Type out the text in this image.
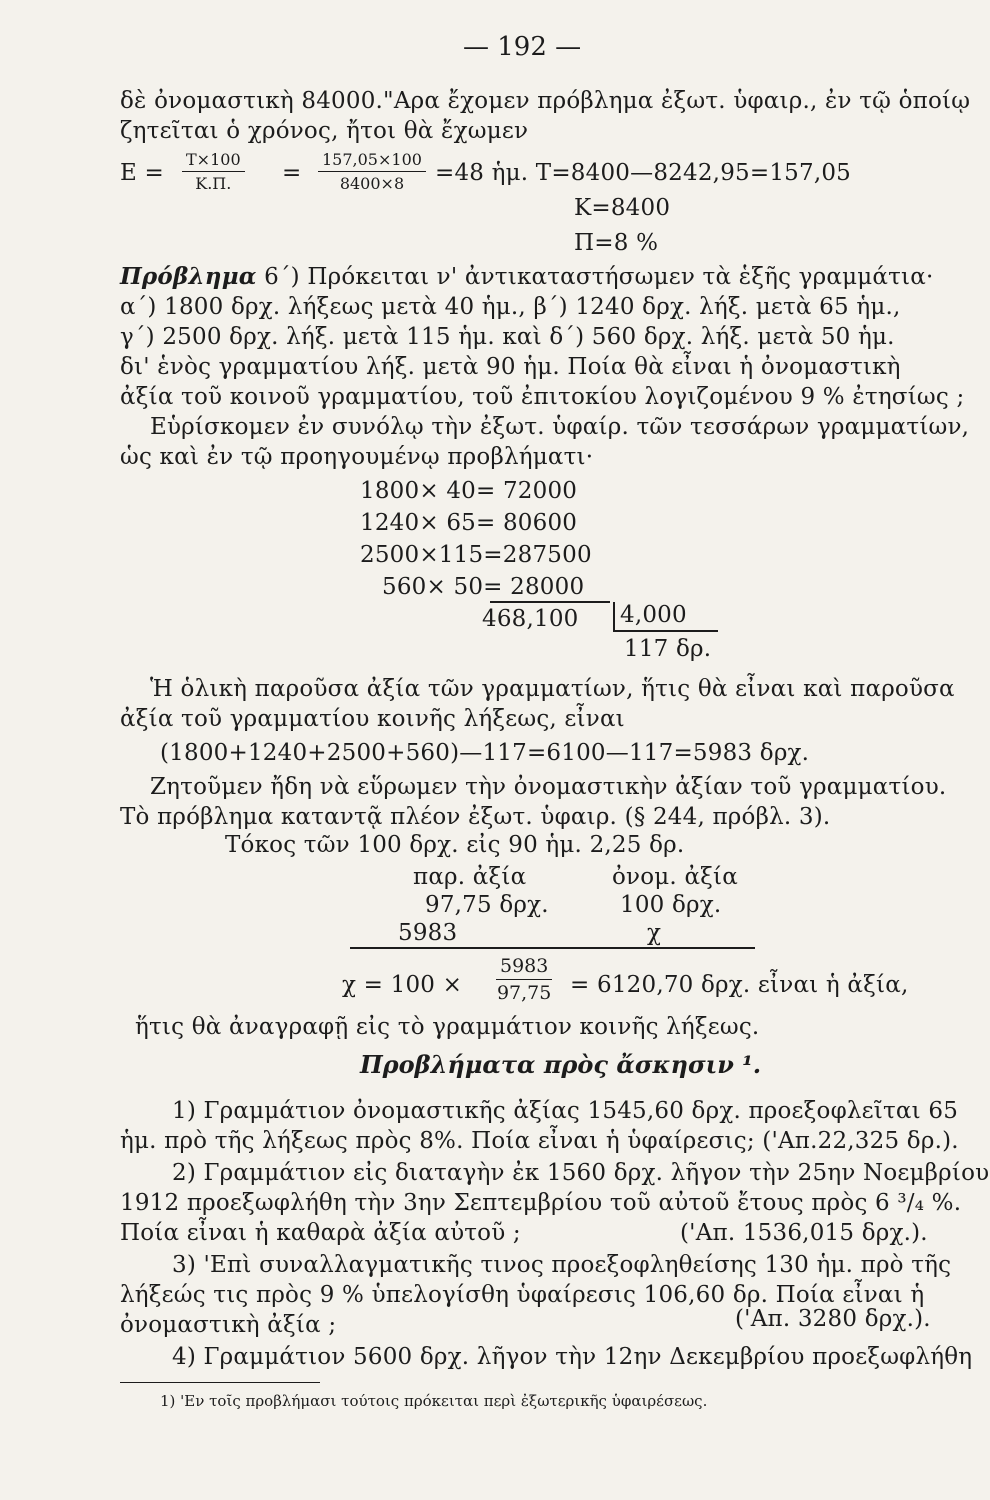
— 192 —
δὲ ὀνομαστικὴ 84000."Αρα ἔχομεν πρόβλημα ἐξωτ. ὑφαιρ., ἐν τῷ ὁποίῳ
ζητεῖται ὁ χρόνος, ἤτοι θὰ ἔχωμεν
$E = \frac{T\times 100}{K.\Pi.} = \frac{157,05\times 100}{8400\times 8} =48$ ἡμ. T=8400—8242,95=157,05
K=8400
Π=8 %
Πρόβλημα 6΄) Πρόκειται ν' ἀντικαταστήσωμεν τὰ ἑξῆς γραμμάτια·
α΄) 1800 δρχ. λήξεως μετὰ 40 ἡμ., β΄) 1240 δρχ. λήξ. μετὰ 65 ἡμ.,
γ΄) 2500 δρχ. λήξ. μετὰ 115 ἡμ. καὶ δ΄) 560 δρχ. λήξ. μετὰ 50 ἡμ.
δι' ἑνὸς γραμματίου λήξ. μετὰ 90 ἡμ. Ποία θὰ εἶναι ἡ ὀνομαστικὴ
ἀξία τοῦ κοινοῦ γραμματίου, τοῦ ἐπιτοκίου λογιζομένου 9 % ἐτησίως ;
Εὑρίσκομεν ἐν συνόλῳ τὴν ἐξωτ. ὑφαίρ. τῶν τεσσάρων γραμματίων,
ὡς καὶ ἐν τῷ προηγουμένῳ προβλήματι·
1800× 40= 72000
1240× 65= 80600
2500×115=287500
560× 50= 28000
468,100 4,000
117 δρ.
Ἡ ὁλικὴ παροῦσα ἀξία τῶν γραμματίων, ἥτις θὰ εἶναι καὶ παροῦσα
ἀξία τοῦ γραμματίου κοινῆς λήξεως, εἶναι
(1800+1240+2500+560)—117=6100—117=5983 δρχ.
Ζητοῦμεν ἤδη νὰ εὕρωμεν τὴν ὀνομαστικὴν ἀξίαν τοῦ γραμματίου.
Τὸ πρόβλημα καταντᾷ πλέον ἐξωτ. ὑφαιρ. (§ 244, πρόβλ. 3).
Τόκος τῶν 100 δρχ. εἰς 90 ἡμ. 2,25 δρ.
παρ. ἀξία	ὀνομ. ἀξία
97,75 δρχ.	100 δρχ.
5983	χ
$\chi = 100 \times \frac{5983}{97,75} = 6120,70$ δρχ. εἶναι ἡ ἀξία,
ἥτις θὰ ἀναγραφῇ εἰς τὸ γραμμάτιον κοινῆς λήξεως.
Προβλήματα πρὸς ἄσκησιν ¹.
1) Γραμμάτιον ὀνομαστικῆς ἀξίας 1545,60 δρχ. προεξοφλεῖται 65
ἡμ. πρὸ τῆς λήξεως πρὸς 8%. Ποία εἶναι ἡ ὑφαίρεσις; ('Απ.22,325 δρ.).
2) Γραμμάτιον εἰς διαταγὴν ἐκ 1560 δρχ. λῆγον τὴν 25ην Νοεμβρίου
1912 προεξωφλήθη τὴν 3ην Σεπτεμβρίου τοῦ αὐτοῦ ἔτους πρὸς 6 ³/₄ %.
Ποία εἶναι ἡ καθαρὰ ἀξία αὐτοῦ ;	('Απ. 1536,015 δρχ.).
3) 'Επὶ συναλλαγματικῆς τινος προεξοφληθείσης 130 ἡμ. πρὸ τῆς
λήξεώς τις πρὸς 9 % ὑπελογίσθη ὑφαίρεσις 106,60 δρ. Ποία εἶναι ἡ
ὀνομαστικὴ ἀξία ;	('Απ. 3280 δρχ.).
4) Γραμμάτιον 5600 δρχ. λῆγον τὴν 12ην Δεκεμβρίου προεξωφλήθη
1) 'Εν τοῖς προβλήμασι τούτοις πρόκειται περὶ ἐξωτερικῆς ὑφαιρέσεως.
